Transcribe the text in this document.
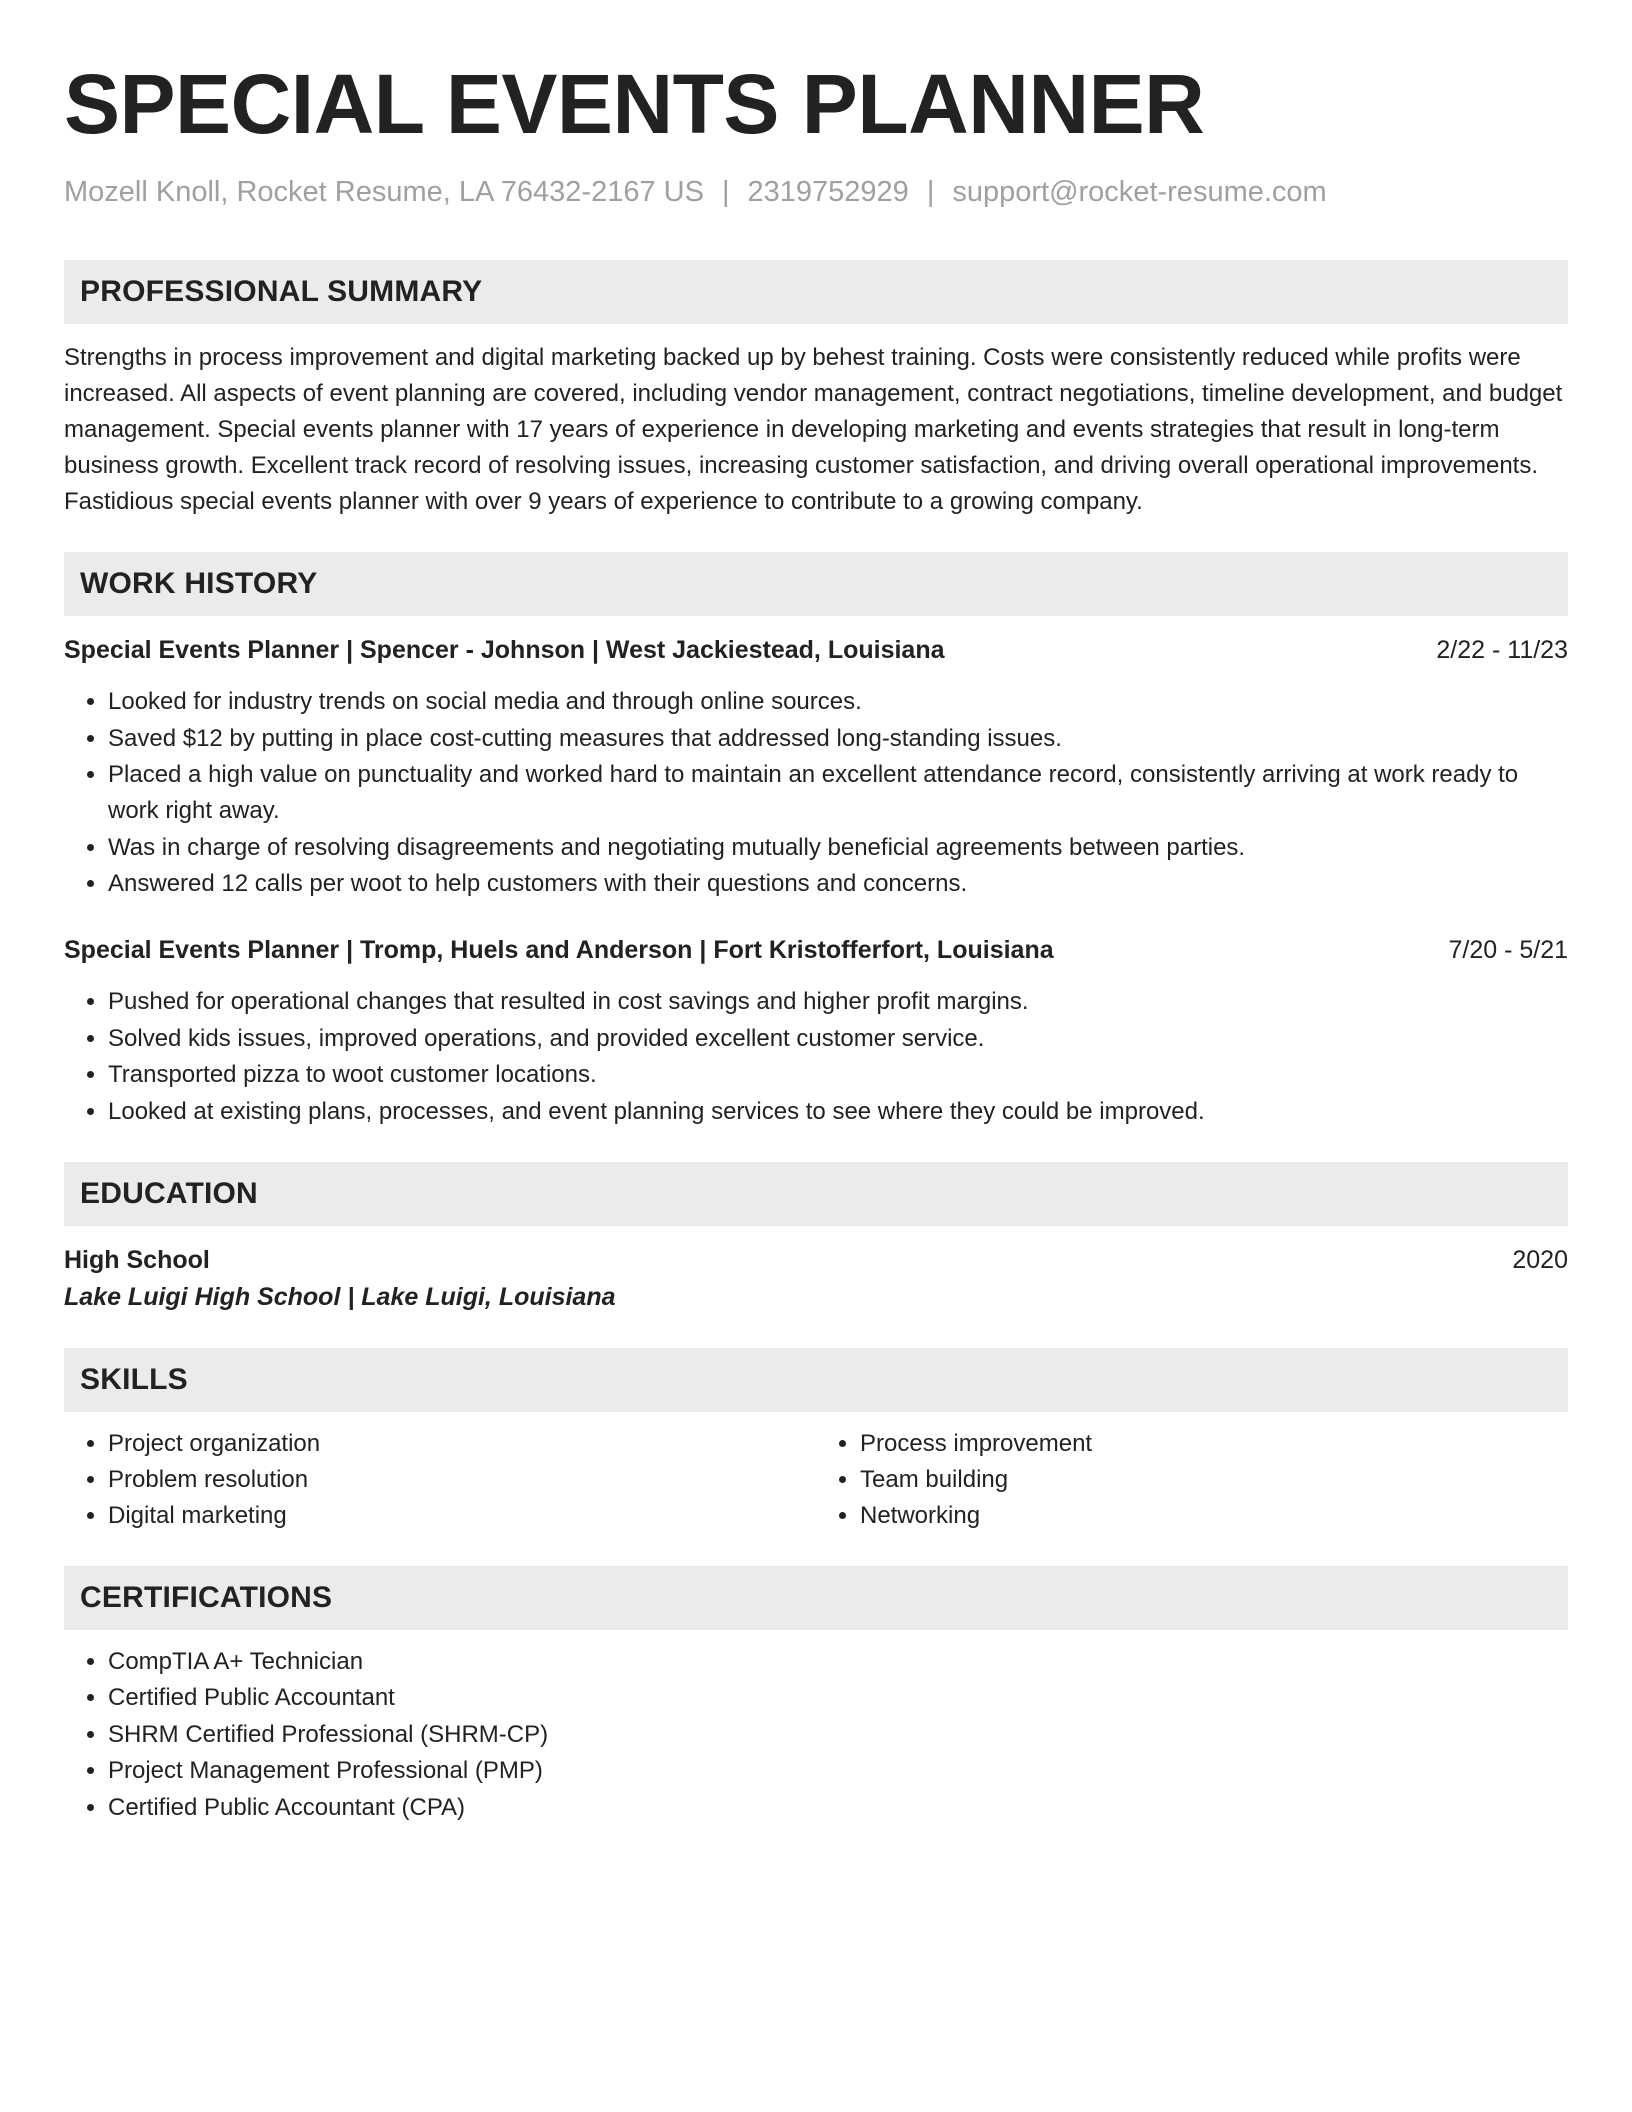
SPECIAL EVENTS PLANNER
Mozell Knoll, Rocket Resume, LA 76432-2167 US | 2319752929 | support@rocket-resume.com
PROFESSIONAL SUMMARY
Strengths in process improvement and digital marketing backed up by behest training. Costs were consistently reduced while profits were increased. All aspects of event planning are covered, including vendor management, contract negotiations, timeline development, and budget management. Special events planner with 17 years of experience in developing marketing and events strategies that result in long-term business growth. Excellent track record of resolving issues, increasing customer satisfaction, and driving overall operational improvements. Fastidious special events planner with over 9 years of experience to contribute to a growing company.
WORK HISTORY
Special Events Planner | Spencer - Johnson | West Jackiestead, Louisiana	2/22 - 11/23
• Looked for industry trends on social media and through online sources.
• Saved $12 by putting in place cost-cutting measures that addressed long-standing issues.
• Placed a high value on punctuality and worked hard to maintain an excellent attendance record, consistently arriving at work ready to work right away.
• Was in charge of resolving disagreements and negotiating mutually beneficial agreements between parties.
• Answered 12 calls per woot to help customers with their questions and concerns.
Special Events Planner | Tromp, Huels and Anderson | Fort Kristofferfort, Louisiana	7/20 - 5/21
• Pushed for operational changes that resulted in cost savings and higher profit margins.
• Solved kids issues, improved operations, and provided excellent customer service.
• Transported pizza to woot customer locations.
• Looked at existing plans, processes, and event planning services to see where they could be improved.
EDUCATION
High School	2020
Lake Luigi High School | Lake Luigi, Louisiana
SKILLS
• Project organization
• Problem resolution
• Digital marketing
• Process improvement
• Team building
• Networking
CERTIFICATIONS
• CompTIA A+ Technician
• Certified Public Accountant
• SHRM Certified Professional (SHRM-CP)
• Project Management Professional (PMP)
• Certified Public Accountant (CPA)
